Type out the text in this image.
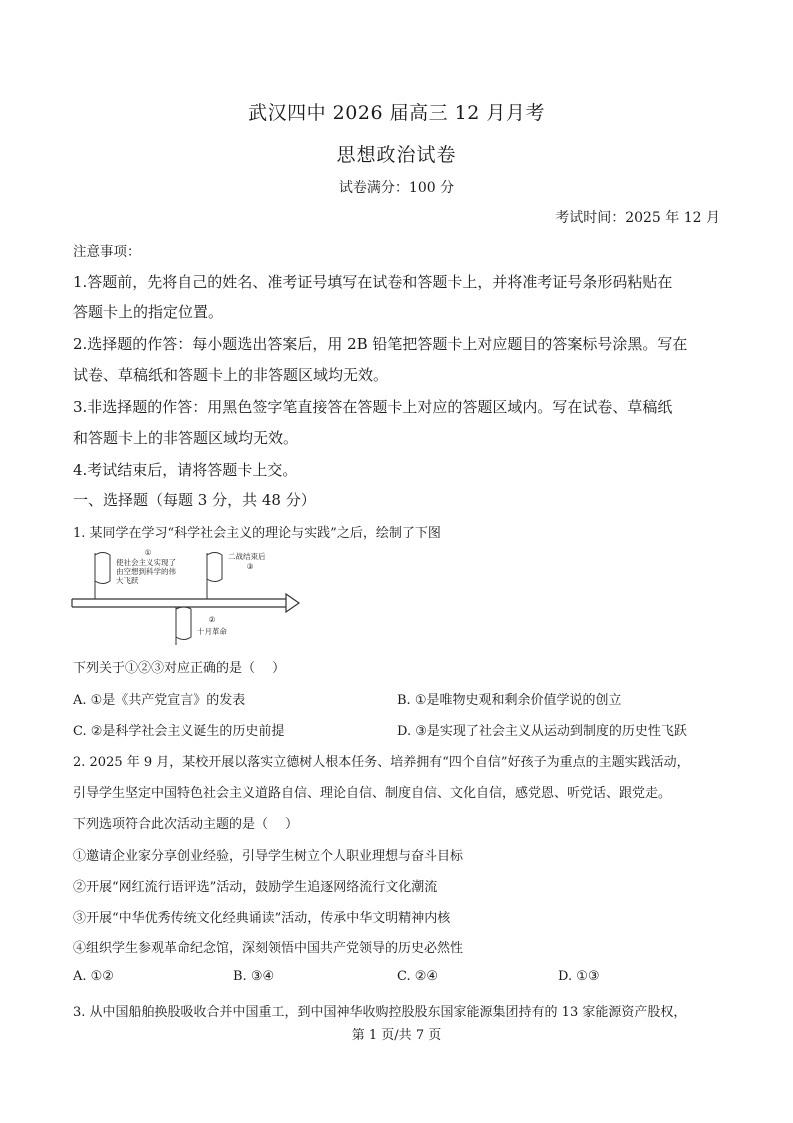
武汉四中 2026 届高三 12 月月考
思想政治试卷
试卷满分：100 分
考试时间：2025 年 12 月
注意事项：
1.答题前，先将自己的姓名、准考证号填写在试卷和答题卡上，并将准考证号条形码粘贴在
答题卡上的指定位置。
2.选择题的作答：每小题选出答案后，用 2B 铅笔把答题卡上对应题目的答案标号涂黑。写在
试卷、草稿纸和答题卡上的非答题区域均无效。
3.非选择题的作答：用黑色签字笔直接答在答题卡上对应的答题区域内。写在试卷、草稿纸
和答题卡上的非答题区域均无效。
4.考试结束后，请将答题卡上交。
一、选择题（每题 3 分，共 48 分）
1. 某同学在学习“科学社会主义的理论与实践”之后，绘制了下图
①
使社会主义实现了
由空想到科学的伟
大飞跃
二战结束后
③
②
十月革命
下列关于①②③对应正确的是（　 ）
A. ①是《共产党宣言》的发表	B. ①是唯物史观和剩余价值学说的创立
C. ②是科学社会主义诞生的历史前提	D. ③是实现了社会主义从运动到制度的历史性飞跃
2. 2025 年 9 月，某校开展以落实立德树人根本任务、培养拥有“四个自信”好孩子为重点的主题实践活动，
引导学生坚定中国特色社会主义道路自信、理论自信、制度自信、文化自信，感党恩、听党话、跟党走。
下列选项符合此次活动主题的是（　 ）
①邀请企业家分享创业经验，引导学生树立个人职业理想与奋斗目标
②开展“网红流行语评选”活动，鼓励学生追逐网络流行文化潮流
③开展“中华优秀传统文化经典诵读”活动，传承中华文明精神内核
④组织学生参观革命纪念馆，深刻领悟中国共产党领导的历史必然性
A. ①②	B. ③④	C. ②④	D. ①③
3. 从中国船舶换股吸收合并中国重工，到中国神华收购控股股东国家能源集团持有的 13 家能源资产股权，
第 1 页/共 7 页
